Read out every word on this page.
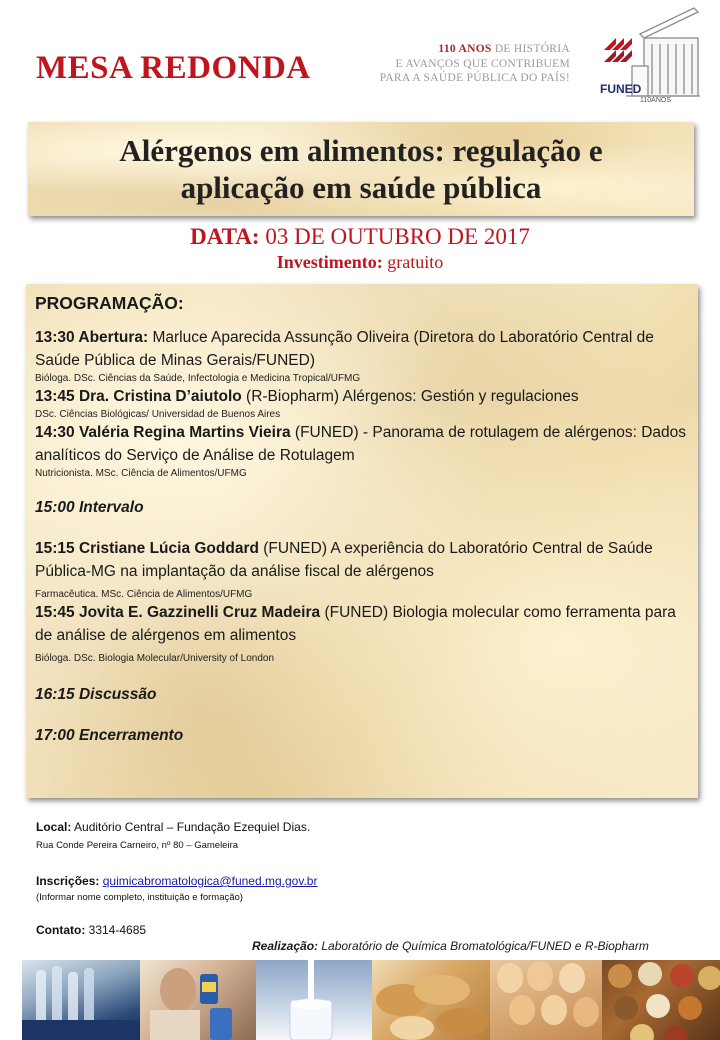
MESA REDONDA
110 ANOS DE HISTÓRIA
E AVANÇOS QUE CONTRIBUEM
PARA A SAÚDE PÚBLICA DO PAÍS!
FUNED
110ANOS
Alérgenos em alimentos: regulação e
aplicação em saúde pública
DATA: 03 DE OUTUBRO DE 2017
Investimento: gratuito
PROGRAMAÇÃO:

13:30 Abertura: Marluce Aparecida Assunção Oliveira (Diretora do Laboratório Central de Saúde Pública de Minas Gerais/FUNED)

Bióloga. DSc. Ciências da Saúde, Infectologia e Medicina Tropical/UFMG

13:45 Dra. Cristina D’aiutolo (R-Biopharm) Alérgenos: Gestión y regulaciones

DSc. Ciências Biológicas/ Universidad de Buenos Aires

14:30 Valéria Regina Martins Vieira (FUNED) - Panorama de rotulagem de alérgenos: Dados analíticos do Serviço de Análise de Rotulagem

Nutricionista. MSc. Ciência de Alimentos/UFMG

15:00 Intervalo

15:15 Cristiane Lúcia Goddard (FUNED) A experiência do Laboratório Central de Saúde Pública-MG na implantação da análise fiscal de alérgenos

Farmacêutica. MSc. Ciência de Alimentos/UFMG

15:45 Jovita E. Gazzinelli Cruz Madeira (FUNED) Biologia molecular como ferramenta para de análise de alérgenos em alimentos

Bióloga. DSc. Biologia Molecular/University of London

16:15 Discussão

17:00 Encerramento

Local: Auditório Central – Fundação Ezequiel Dias.
Rua Conde Pereira Carneiro, nº 80 – Gameleira
Inscrições: quimicabromatologica@funed.mg.gov.br
(Informar nome completo, instituição e formação)
Contato: 3314-4685
Realização: Laboratório de Química Bromatológica/FUNED e R-Biopharm
